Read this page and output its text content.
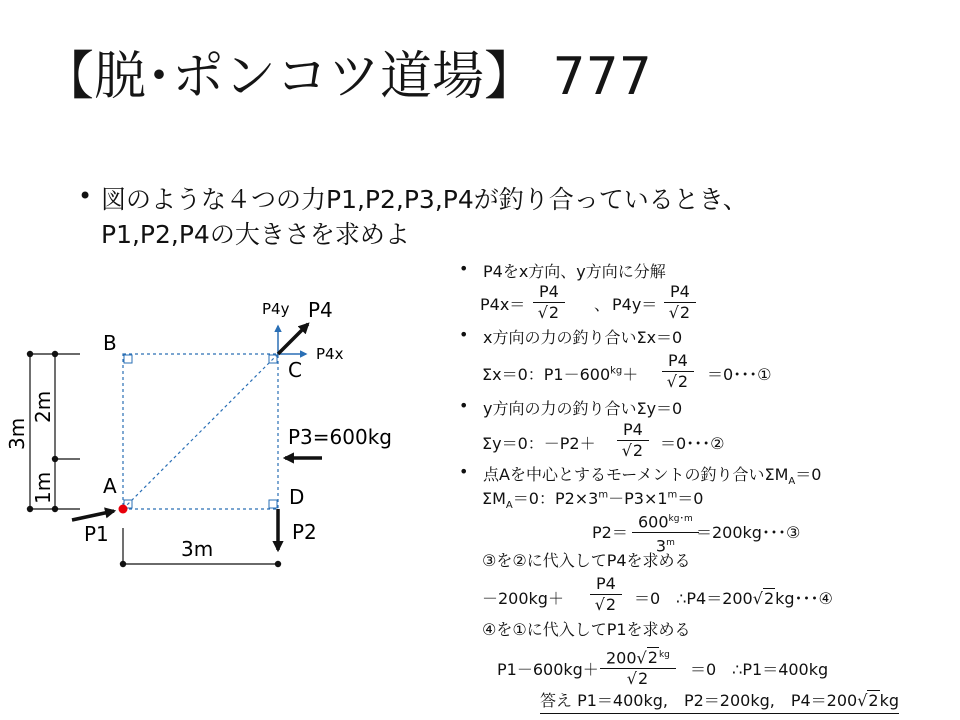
【脱･ポンコツ道場】 777
• 図のような４つの力P1,P2,P3,P4が釣り合っているとき、
P1,P2,P4の大きさを求めよ
B
C
A	D
P4
P4y
P4x
P3=600kg
P2
P1
3m
3m
2m
1m
• P4をx方向、y方向に分解
P4x＝
P4
√2 、 P4y＝
P4
√2
• x方向の力の釣り合いΣx＝0
Σx＝0：$P1-600^{kg}+$
P4
√2 ＝0･･･①
• y方向の力の釣り合いΣy＝0
Σy＝0：－P2＋
P4
√2 ＝0･･･②
• 点Aを中心とするモーメントの釣り合い$\Sigma M_A=0$
$\Sigma M_A=0$：$P2\times 3^m-P3\times 1^m=0$
P2＝
$600^{kg･m}$
$3^m$
＝200kg･･･③
③を②に代入してP4を求める
－200kg＋
P4
√2 ＝0　∴P4＝200√2kg･･･④
④を①に代入してP1を求める
P1－600kg＋
$200√2^{kg}$
√2	＝0　∴P1＝400kg
答え P1＝400kg,　P2＝200kg,　P4＝200√2kg
